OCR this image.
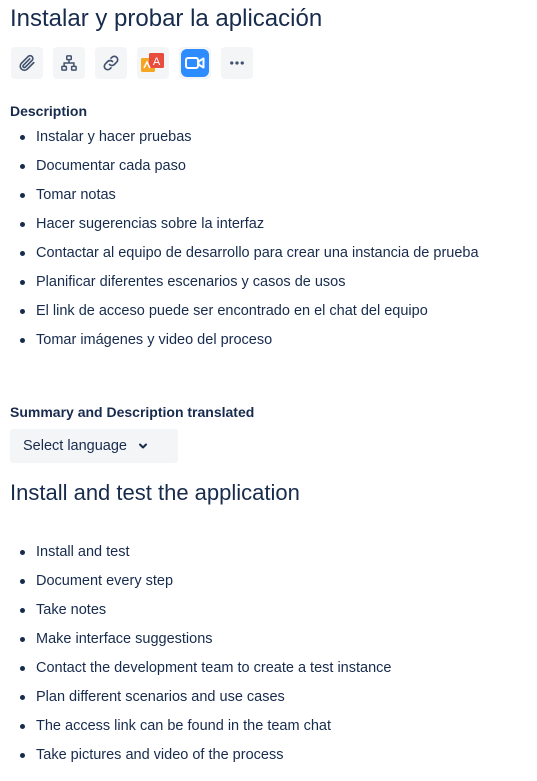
Instalar y probar la aplicación
A
Description
Instalar y hacer pruebas
Documentar cada paso
Tomar notas
Hacer sugerencias sobre la interfaz
Contactar al equipo de desarrollo para crear una instancia de prueba
Planificar diferentes escenarios y casos de usos
El link de acceso puede ser encontrado en el chat del equipo
Tomar imágenes y video del proceso
Summary and Description translated
Select language
Install and test the application
Install and test
Document every step
Take notes
Make interface suggestions
Contact the development team to create a test instance
Plan different scenarios and use cases
The access link can be found in the team chat
Take pictures and video of the process
